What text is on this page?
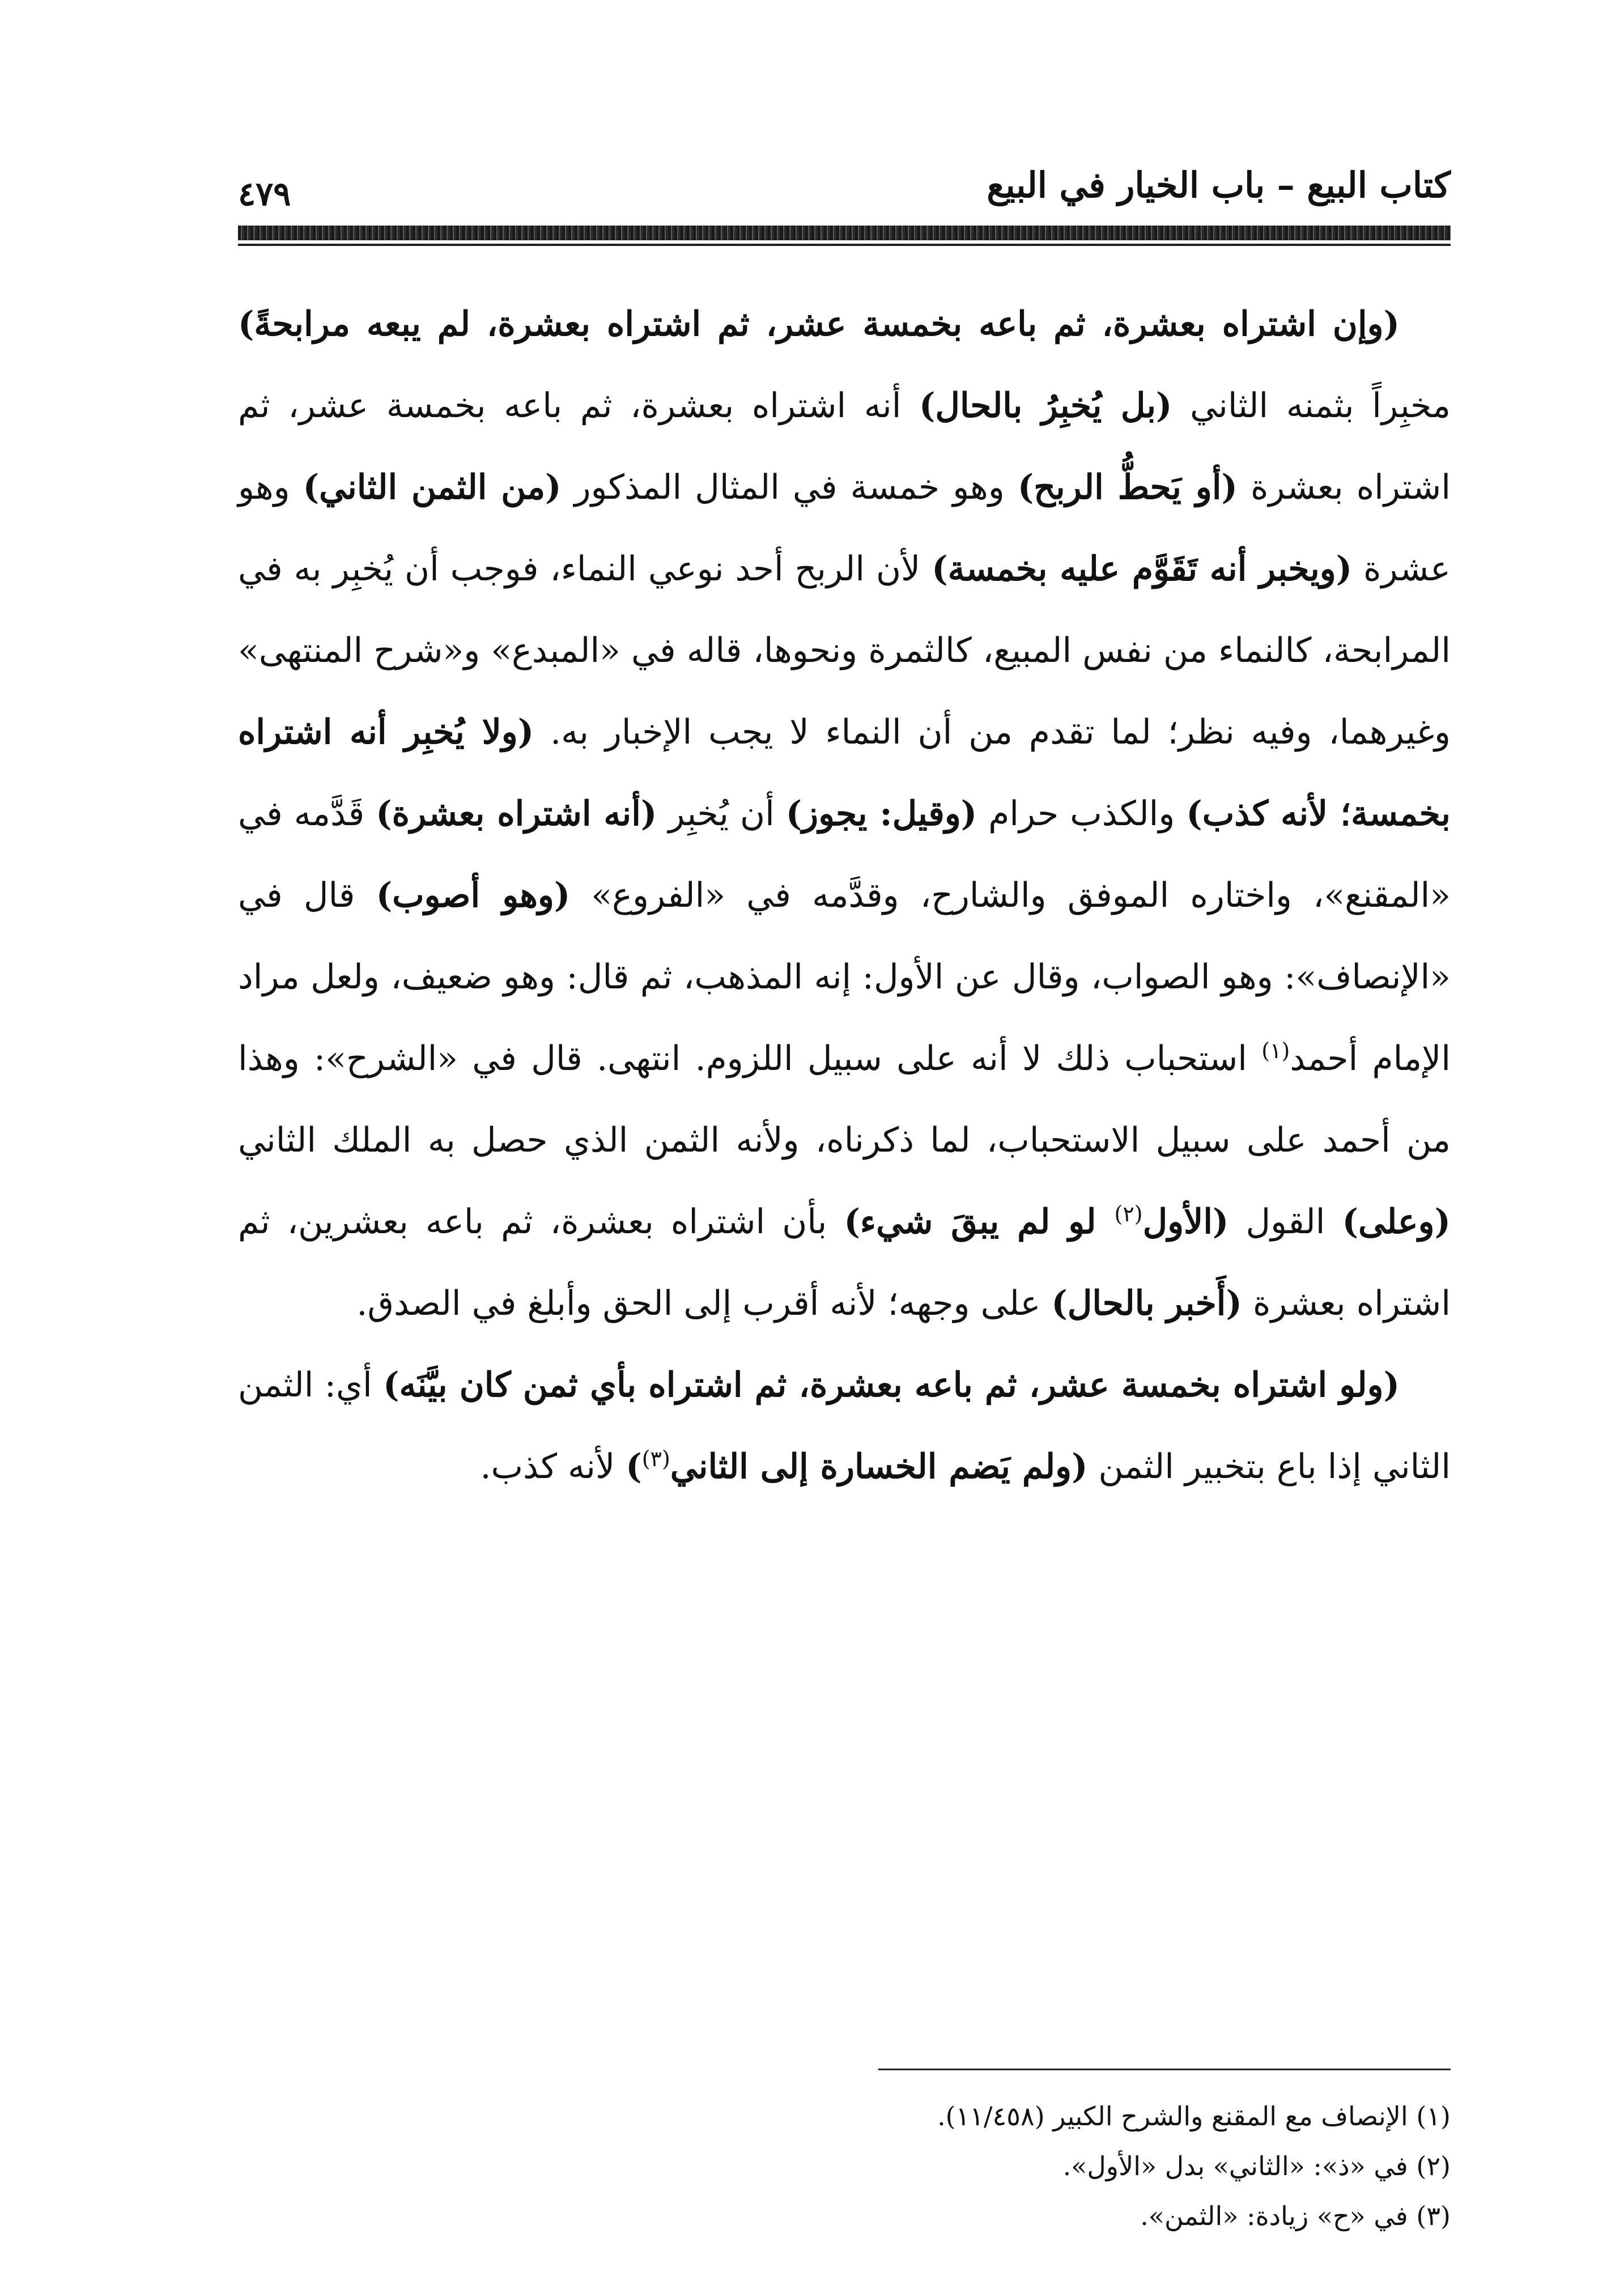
كتاب البيع – باب الخيار في البيع
٤٧٩

(وإن اشتراه بعشرة، ثم باعه بخمسة عشر، ثم اشتراه بعشرة، لم يبعه مرابحةً) مخبِراً بثمنه الثاني (بل يُخبِرُ بالحال) أنه اشتراه بعشرة، ثم باعه بخمسة عشر، ثم اشتراه بعشرة (أو يَحطُّ الربح) وهو خمسة في المثال المذكور (من الثمن الثاني) وهو عشرة (ويخبر أنه تَقَوَّم عليه بخمسة) لأن الربح أحد نوعي النماء، فوجب أن يُخبِر به في المرابحة، كالنماء من نفس المبيع، كالثمرة ونحوها، قاله في «المبدع» و«شرح المنتهى» وغيرهما، وفيه نظر؛ لما تقدم من أن النماء لا يجب الإخبار به. (ولا يُخبِر أنه اشتراه بخمسة؛ لأنه كذب) والكذب حرام (وقيل: يجوز) أن يُخبِر (أنه اشتراه بعشرة) قَدَّمه في «المقنع»، واختاره الموفق والشارح، وقدَّمه في «الفروع» (وهو أصوب) قال في «الإنصاف»: وهو الصواب، وقال عن الأول: إنه المذهب، ثم قال: وهو ضعيف، ولعل مراد الإمام أحمد$^{(١)}$ استحباب ذلك لا أنه على سبيل اللزوم. انتهى. قال في «الشرح»: وهذا من أحمد على سبيل الاستحباب، لما ذكرناه، ولأنه الثمن الذي حصل به الملك الثاني (وعلى) القول (الأول$^{(٢)}$ لو لم يبقَ شيء) بأن اشتراه بعشرة، ثم باعه بعشرين، ثم اشتراه بعشرة (أَخبر بالحال) على وجهه؛ لأنه أقرب إلى الحق وأبلغ في الصدق.

(ولو اشتراه بخمسة عشر، ثم باعه بعشرة، ثم اشتراه بأي ثمن كان بيَّنَه) أي: الثمن الثاني إذا باع بتخبير الثمن (ولم يَضم الخسارة إلى الثاني$^{(٣)}$) لأنه كذب.

(١) الإنصاف مع المقنع والشرح الكبير (١١/٤٥٨).
(٢) في «ذ»: «الثاني» بدل «الأول».
(٣) في «ح» زيادة: «الثمن».
